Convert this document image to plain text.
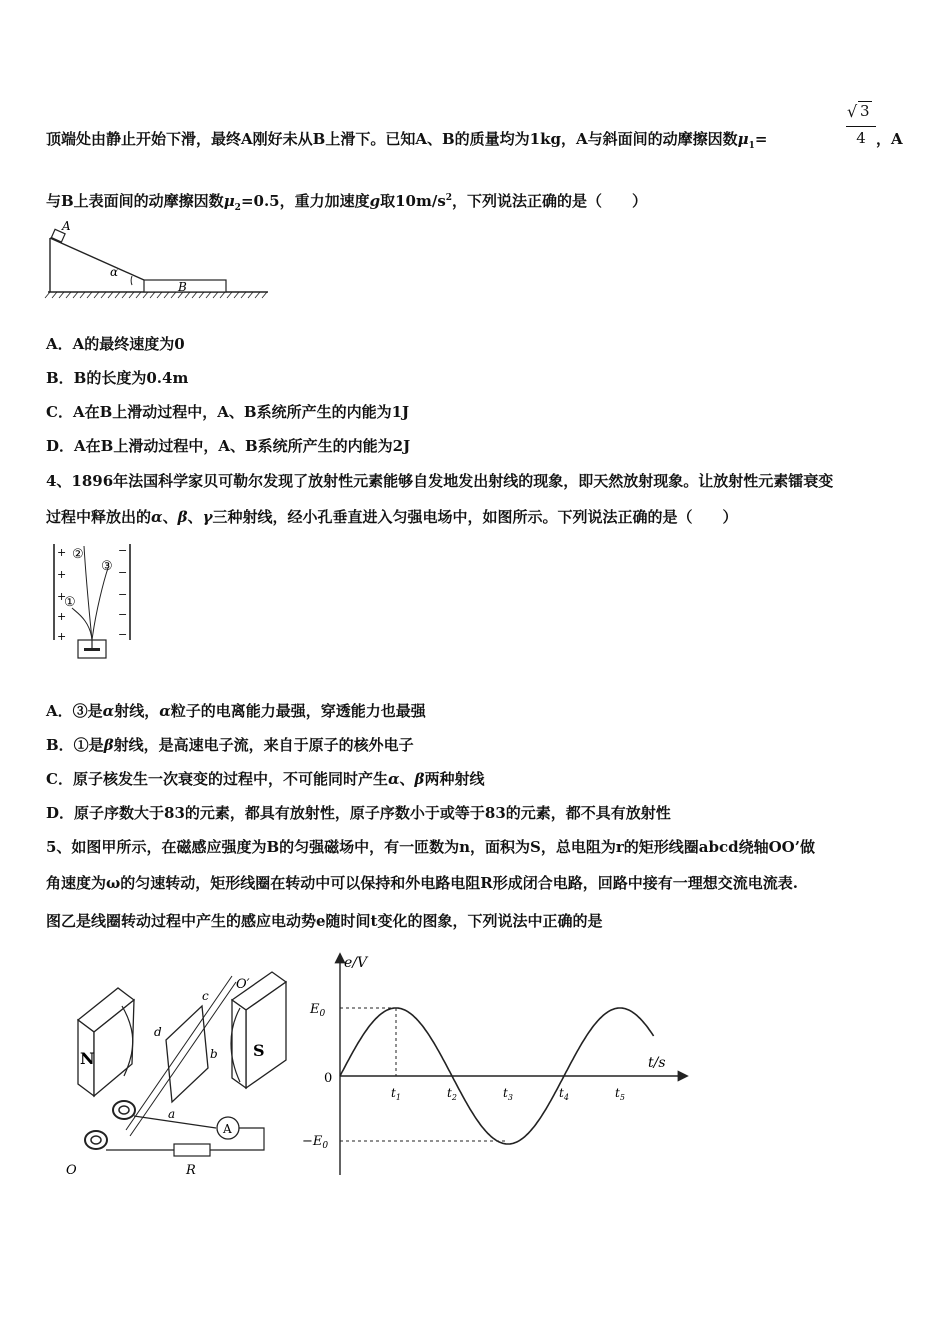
顶端处由静止开始下滑，最终A刚好未从B上滑下。已知A、B的质量均为1kg，A与斜面间的动摩擦因数$\mu_1=$	$\frac{√ 3}{4}$ ，A
与B上表面间的动摩擦因数$\mu_2=0.5$，重力加速度g取$10m/s^2$，下列说法正确的是（　　）
A
α
B
A．A的最终速度为0
B．B的长度为0.4m
C．A在B上滑动过程中，A、B系统所产生的内能为1J
D．A在B上滑动过程中，A、B系统所产生的内能为2J
4、1896年法国科学家贝可勒尔发现了放射性元素能够自发地发出射线的现象，即天然放射现象。让放射性元素镭衰变
过程中释放出的α、β、γ三种射线，经小孔垂直进入匀强电场中，如图所示。下列说法正确的是（　　）
+
+
+
+
+
−
−
−
−
−
②
③
①
A．③是α射线，α粒子的电离能力最强，穿透能力也最强
B．①是β射线，是高速电子流，来自于原子的核外电子
C．原子核发生一次衰变的过程中，不可能同时产生α、β两种射线
D．原子序数大于83的元素，都具有放射性，原子序数小于或等于83的元素，都不具有放射性
5、如图甲所示，在磁感应强度为B的匀强磁场中，有一匝数为n，面积为S，总电阻为r的矩形线圈abcd绕轴OO’做
角速度为ω的匀速转动，矩形线圈在转动中可以保持和外电路电阻R形成闭合电路，回路中接有一理想交流电流表.
图乙是线圈转动过程中产生的感应电动势e随时间t变化的图象，下列说法中正确的是
N	S
c
d
b
a
O′
O
A
R
e/V
t/s
0
$E_0$
$-E_0$
$t_1$	$t_2$	$t_3$	$t_4$	$t_5$
